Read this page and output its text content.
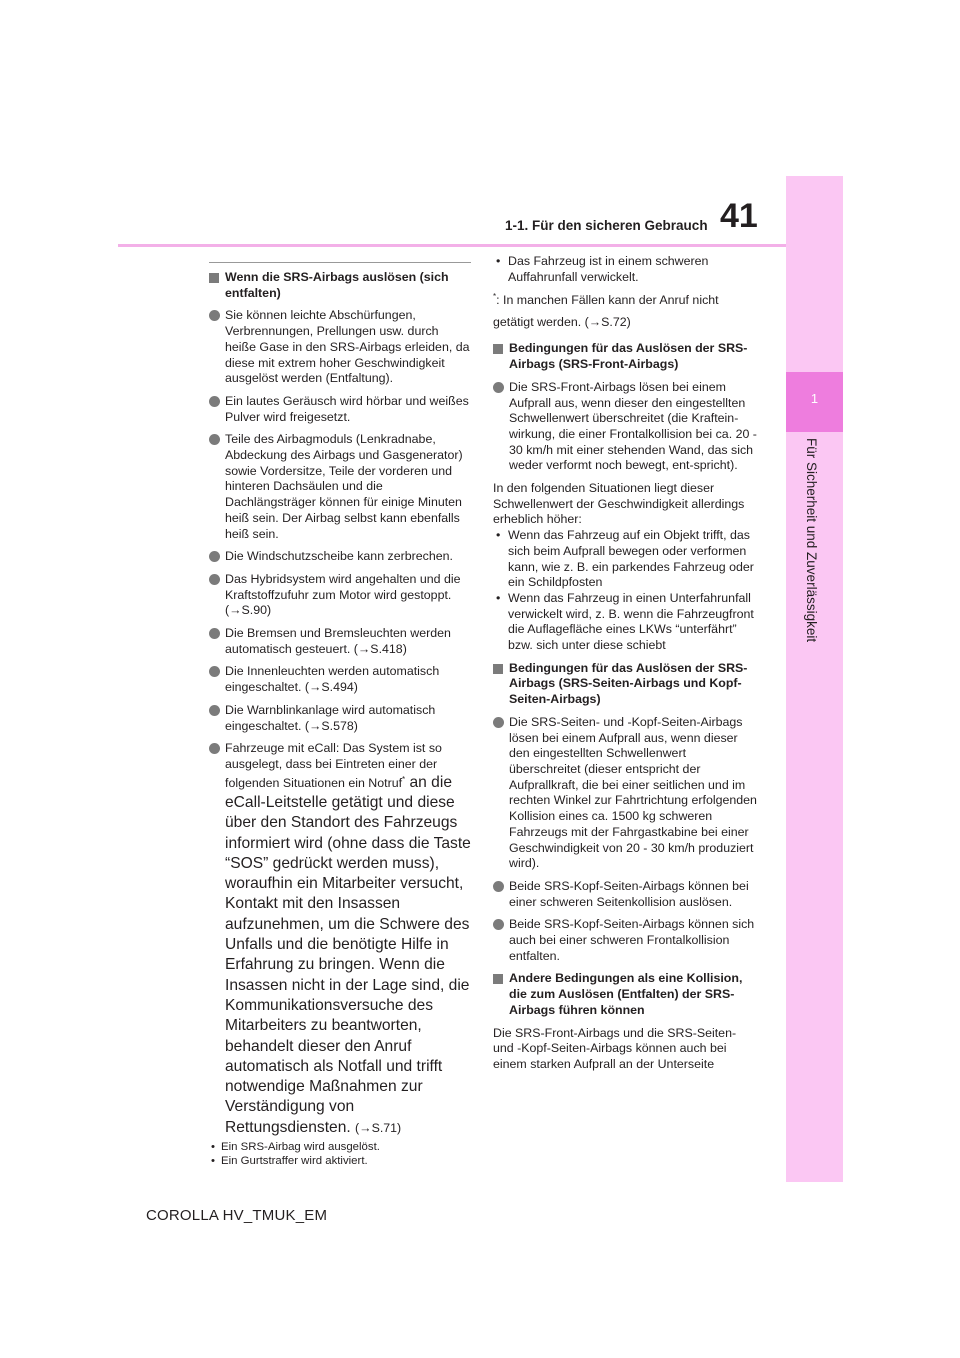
41
1-1. Für den sicheren Gebrauch
1
Für Sicherheit und Zuverlässigkeit
Wenn die SRS-Airbags auslösen (sich entfalten)
Sie können leichte Abschürfungen, Verbrennungen, Prellungen usw. durch heiße Gase in den SRS-Airbags erleiden, da diese mit extrem hoher Geschwindigkeit ausgelöst werden (Entfaltung).
Ein lautes Geräusch wird hörbar und weißes Pulver wird freigesetzt.
Teile des Airbagmoduls (Lenkradnabe, Abdeckung des Airbags und Gasgenerator) sowie Vordersitze, Teile der vorderen und hinteren Dachsäulen und die Dachlängsträger können für einige Minuten heiß sein. Der Airbag selbst kann ebenfalls heiß sein.
Die Windschutzscheibe kann zerbrechen.
Das Hybridsystem wird angehalten und die Kraftstoffzufuhr zum Motor wird gestoppt. (→S.90)
Die Bremsen und Bremsleuchten werden automatisch gesteuert. (→S.418)
Die Innenleuchten werden automatisch eingeschaltet. (→S.494)
Die Warnblinkanlage wird automatisch eingeschaltet. (→S.578)
Fahrzeuge mit eCall: Das System ist so ausgelegt, dass bei Eintreten einer der folgenden Situationen ein Notruf* an die eCall-Leitstelle getätigt und diese über den Standort des Fahrzeugs informiert wird (ohne dass die Taste “SOS” gedrückt werden muss), woraufhin ein Mitarbeiter versucht, Kontakt mit den Insassen aufzunehmen, um die Schwere des Unfalls und die benötigte Hilfe in Erfahrung zu bringen. Wenn die Insassen nicht in der Lage sind, die Kommunikationsversuche des Mitarbeiters zu beantworten, behandelt dieser den Anruf automatisch als Notfall und trifft notwendige Maßnahmen zur Verständigung von Rettungsdiensten. (→S.71)
• Ein SRS-Airbag wird ausgelöst.
• Ein Gurtstraffer wird aktiviert.
• Das Fahrzeug ist in einem schweren Auffahrunfall verwickelt.
*: In manchen Fällen kann der Anruf nicht getätigt werden. (→S.72)
Bedingungen für das Auslösen der SRS-Airbags (SRS-Front-Airbags)
Die SRS-Front-Airbags lösen bei einem Aufprall aus, wenn dieser den eingestellten Schwellenwert überschreitet (die Kraftein-wirkung, die einer Frontalkollision bei ca. 20 - 30 km/h mit einer stehenden Wand, das sich weder verformt noch bewegt, ent-spricht).
In den folgenden Situationen liegt dieser Schwellenwert der Geschwindigkeit allerdings erheblich höher:
• Wenn das Fahrzeug auf ein Objekt trifft, das sich beim Aufprall bewegen oder verformen kann, wie z. B. ein parkendes Fahrzeug oder ein Schildpfosten
• Wenn das Fahrzeug in einen Unterfahrunfall verwickelt wird, z. B. wenn die Fahrzeugfront die Auflagefläche eines LKWs “unterfährt” bzw. sich unter diese schiebt
Bedingungen für das Auslösen der SRS-Airbags (SRS-Seiten-Airbags und Kopf-Seiten-Airbags)
Die SRS-Seiten- und -Kopf-Seiten-Airbags lösen bei einem Aufprall aus, wenn dieser den eingestellten Schwellenwert überschreitet (dieser entspricht der Aufprallkraft, die bei einer seitlichen und im rechten Winkel zur Fahrtrichtung erfolgenden Kollision eines ca. 1500 kg schweren Fahrzeugs mit der Fahrgastkabine bei einer Geschwindigkeit von 20 - 30 km/h produziert wird).
Beide SRS-Kopf-Seiten-Airbags können bei einer schweren Seitenkollision auslösen.
Beide SRS-Kopf-Seiten-Airbags können sich auch bei einer schweren Frontalkollision entfalten.
Andere Bedingungen als eine Kollision, die zum Auslösen (Entfalten) der SRS-Airbags führen können
Die SRS-Front-Airbags und die SRS-Seiten- und -Kopf-Seiten-Airbags können auch bei einem starken Aufprall an der Unterseite
COROLLA HV_TMUK_EM
